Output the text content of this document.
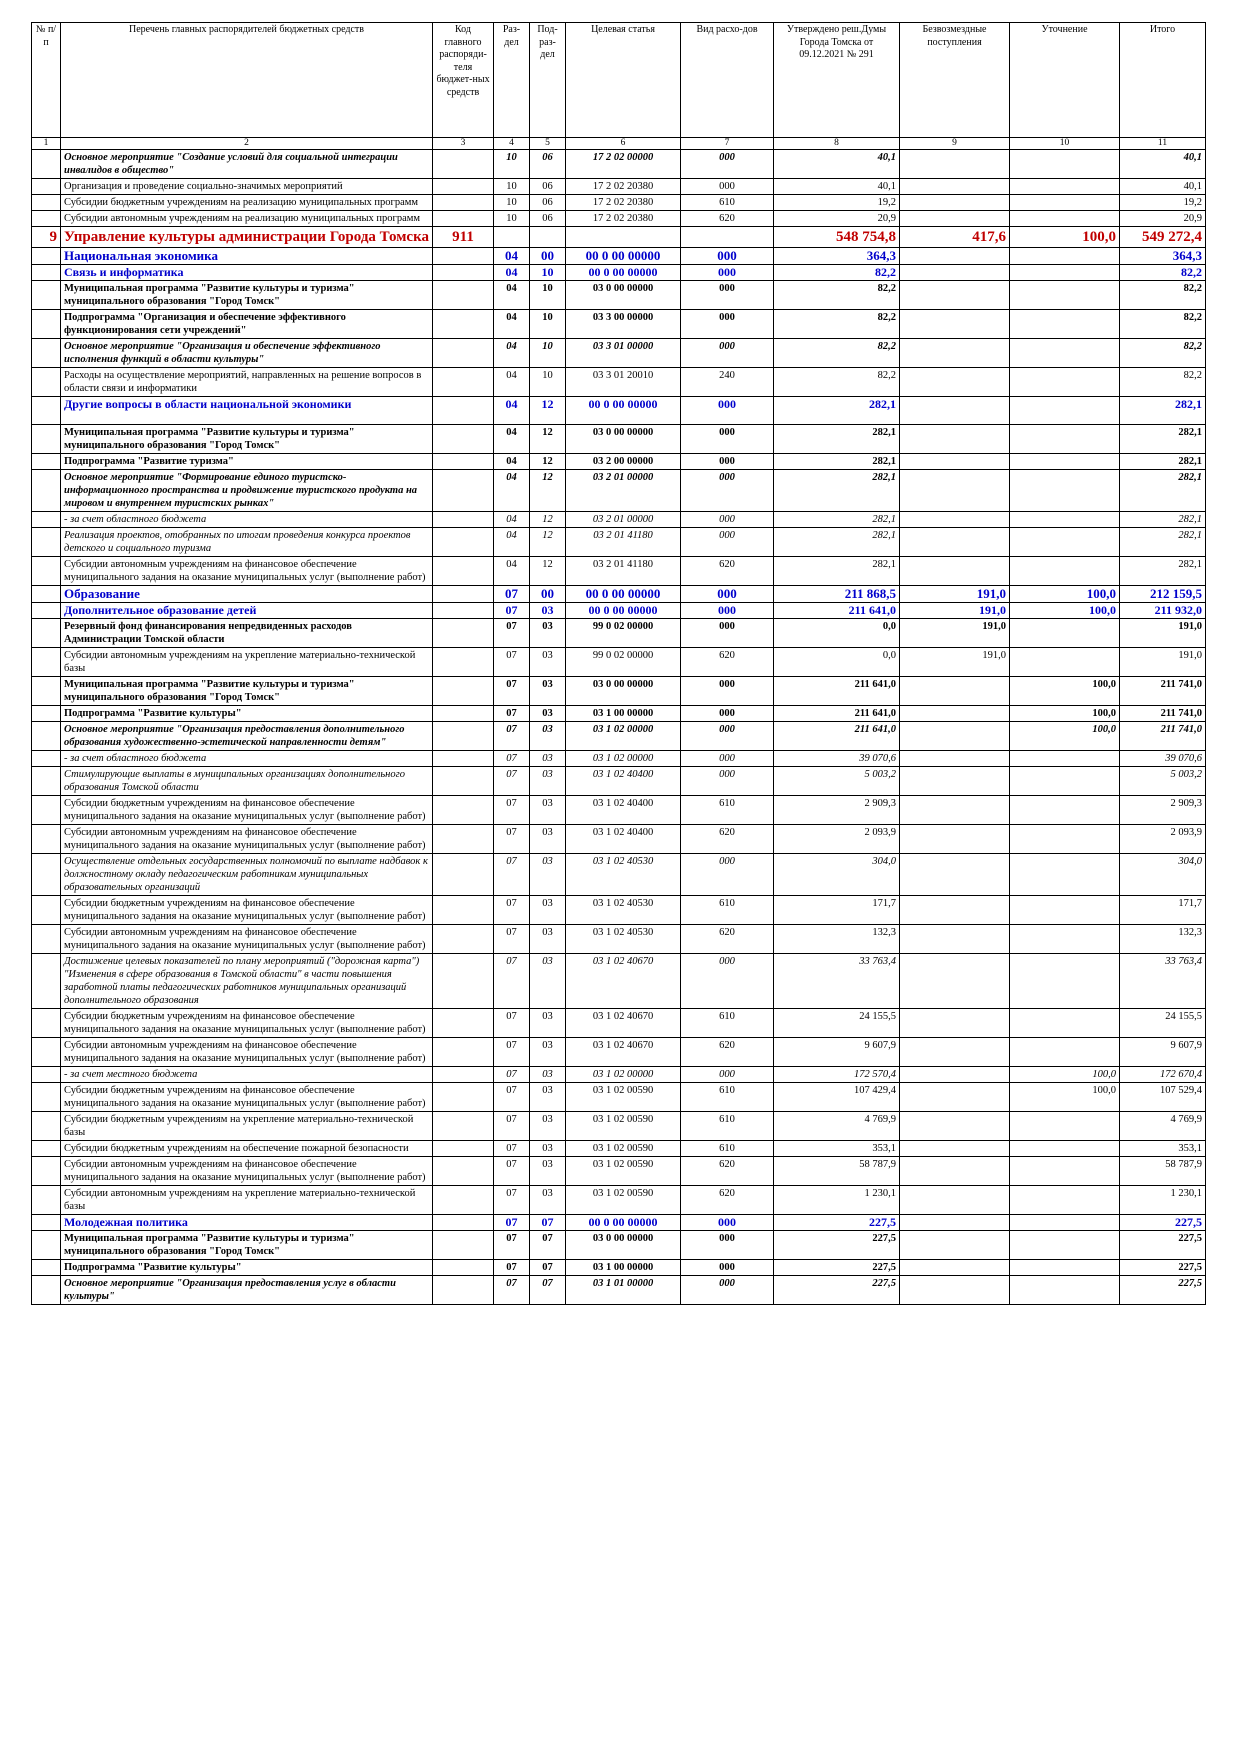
№ п/п	Перечень главных распорядителей бюджетных средств	Код главного распоряди-теля бюджет-ных средств	Раз-дел	Под-раз-дел	Целевая статья	Вид расхо-дов	Утверждено реш.Думы Города Томска от 09.12.2021 № 291	Безвозмездные поступления	Уточнение	Итого
1	2	3	4	5	6	7	8	9	10	11
	Основное мероприятие "Создание условий для социальной интеграции инвалидов в общество"		10	06	17 2 02 00000	000	40,1			40,1
	Организация и проведение социально-значимых мероприятий		10	06	17 2 02 20380	000	40,1			40,1
	Субсидии бюджетным учреждениям на реализацию муниципальных программ		10	06	17 2 02 20380	610	19,2			19,2
	Субсидии автономным учреждениям на реализацию муниципальных программ		10	06	17 2 02 20380	620	20,9			20,9
9	Управление культуры администрации Города Томска	911					548 754,8	417,6	100,0	549 272,4
	Национальная экономика		04	00	00 0 00 00000	000	364,3			364,3
	Связь и информатика		04	10	00 0 00 00000	000	82,2			82,2
	Муниципальная программа "Развитие культуры и туризма" муниципального образования "Город Томск"		04	10	03 0 00 00000	000	82,2			82,2
	Подпрограмма "Организация и обеспечение эффективного функционирования сети учреждений"		04	10	03 3 00 00000	000	82,2			82,2
	Основное мероприятие "Организация и обеспечение эффективного исполнения функций в области культуры"		04	10	03 3 01 00000	000	82,2			82,2
	Расходы на осуществление мероприятий, направленных на решение вопросов в области связи и информатики		04	10	03 3 01 20010	240	82,2			82,2
	Другие вопросы в области национальной экономики		04	12	00 0 00 00000	000	282,1			282,1
	Муниципальная программа "Развитие культуры и туризма" муниципального образования "Город Томск"		04	12	03 0 00 00000	000	282,1			282,1
	Подпрограмма "Развитие туризма"		04	12	03 2 00 00000	000	282,1			282,1
	Основное мероприятие "Формирование единого туристско-информационного пространства и продвижение туристского продукта на мировом и внутреннем туристских рынках"		04	12	03 2 01 00000	000	282,1			282,1
	- за счет областного бюджета		04	12	03 2 01 00000	000	282,1			282,1
	Реализация проектов, отобранных по итогам проведения конкурса проектов детского и социального туризма		04	12	03 2 01 41180	000	282,1			282,1
	Субсидии автономным учреждениям на финансовое обеспечение муниципального задания на оказание муниципальных услуг (выполнение работ)		04	12	03 2 01 41180	620	282,1			282,1
	Образование		07	00	00 0 00 00000	000	211 868,5	191,0	100,0	212 159,5
	Дополнительное образование детей		07	03	00 0 00 00000	000	211 641,0	191,0	100,0	211 932,0
	Резервный фонд финансирования непредвиденных расходов Администрации Томской области		07	03	99 0 02 00000	000	0,0	191,0		191,0
	Субсидии автономным учреждениям на укрепление материально-технической базы		07	03	99 0 02 00000	620	0,0	191,0		191,0
	Муниципальная программа "Развитие культуры и туризма" муниципального образования "Город Томск"		07	03	03 0 00 00000	000	211 641,0		100,0	211 741,0
	Подпрограмма "Развитие культуры"		07	03	03 1 00 00000	000	211 641,0		100,0	211 741,0
	Основное мероприятие "Организация предоставления дополнительного образования художественно-эстетической направленности детям"		07	03	03 1 02 00000	000	211 641,0		100,0	211 741,0
	- за счет областного бюджета		07	03	03 1 02 00000	000	39 070,6			39 070,6
	Стимулирующие выплаты в муниципальных организациях дополнительного образования Томской области		07	03	03 1 02 40400	000	5 003,2			5 003,2
	Субсидии бюджетным учреждениям на финансовое обеспечение муниципального задания на оказание муниципальных услуг (выполнение работ)		07	03	03 1 02 40400	610	2 909,3			2 909,3
	Субсидии автономным учреждениям на финансовое обеспечение муниципального задания на оказание муниципальных услуг (выполнение работ)		07	03	03 1 02 40400	620	2 093,9			2 093,9
	Осуществление отдельных государственных полномочий по выплате надбавок к должностному окладу педагогическим работникам муниципальных образовательных организаций		07	03	03 1 02 40530	000	304,0			304,0
	Субсидии бюджетным учреждениям на финансовое обеспечение муниципального задания на оказание муниципальных услуг (выполнение работ)		07	03	03 1 02 40530	610	171,7			171,7
	Субсидии автономным учреждениям на финансовое обеспечение муниципального задания на оказание муниципальных услуг (выполнение работ)		07	03	03 1 02 40530	620	132,3			132,3
	Достижение целевых показателей по плану мероприятий ("дорожная карта") "Изменения в сфере образования в Томской области" в части повышения заработной платы педагогических работников муниципальных организаций дополнительного образования		07	03	03 1 02 40670	000	33 763,4			33 763,4
	Субсидии бюджетным учреждениям на финансовое обеспечение муниципального задания на оказание муниципальных услуг (выполнение работ)		07	03	03 1 02 40670	610	24 155,5			24 155,5
	Субсидии автономным учреждениям на финансовое обеспечение муниципального задания на оказание муниципальных услуг (выполнение работ)		07	03	03 1 02 40670	620	9 607,9			9 607,9
	- за счет местного бюджета		07	03	03 1 02 00000	000	172 570,4		100,0	172 670,4
	Субсидии бюджетным учреждениям на финансовое обеспечение муниципального задания на оказание муниципальных услуг (выполнение работ)		07	03	03 1 02 00590	610	107 429,4		100,0	107 529,4
	Субсидии бюджетным учреждениям на укрепление материально-технической базы		07	03	03 1 02 00590	610	4 769,9			4 769,9
	Субсидии бюджетным учреждениям на обеспечение пожарной безопасности		07	03	03 1 02 00590	610	353,1			353,1
	Субсидии автономным учреждениям на финансовое обеспечение муниципального задания на оказание муниципальных услуг (выполнение работ)		07	03	03 1 02 00590	620	58 787,9			58 787,9
	Субсидии автономным учреждениям на укрепление материально-технической базы		07	03	03 1 02 00590	620	1 230,1			1 230,1
	Молодежная политика		07	07	00 0 00 00000	000	227,5			227,5
	Муниципальная программа "Развитие культуры и туризма" муниципального образования "Город Томск"		07	07	03 0 00 00000	000	227,5			227,5
	Подпрограмма "Развитие культуры"		07	07	03 1 00 00000	000	227,5			227,5
	Основное мероприятие "Организация предоставления услуг в области культуры"		07	07	03 1 01 00000	000	227,5			227,5
